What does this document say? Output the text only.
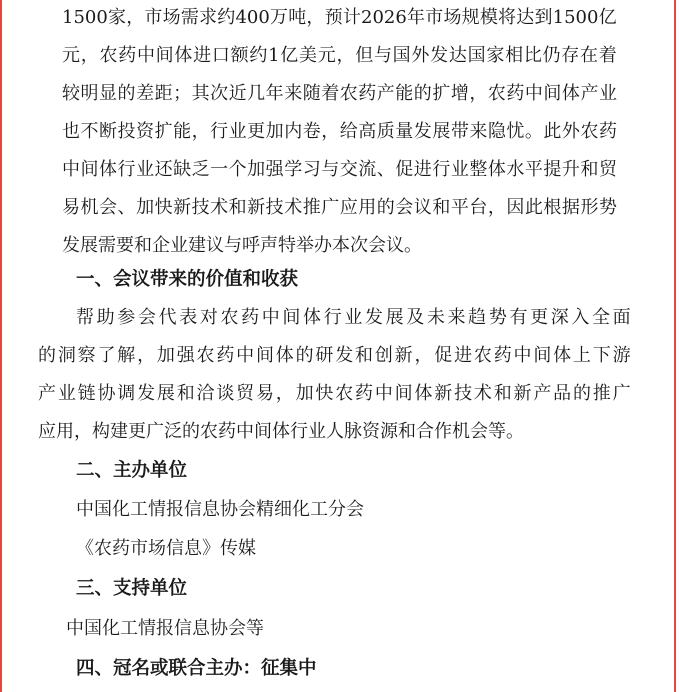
1500 家 ， 市 场 需 求 约 400 万 吨 ， 预 计 2026 年 市 场 规 模 将 达 到 1500 亿
元 ， 农 药 中 间 体 进 口 额 约 1 亿 美 元 ， 但 与 国 外 发 达 国 家 相 比 仍 存 在 着
较 明 显 的 差 距 ； 其 次 近 几 年 来 随 着 农 药 产 能 的 扩 增 ， 农 药 中 间 体 产 业
也 不 断 投 资 扩 能 ， 行 业 更 加 内 卷 ， 给 高 质 量 发 展 带 来 隐 忧 。 此 外 农 药
中 间 体 行 业 还 缺 乏 一 个 加 强 学 习 与 交 流 、 促 进 行 业 整 体 水 平 提 升 和 贸
易 机 会 、 加 快 新 技 术 和 新 技 术 推 广 应 用 的 会 议 和 平 台 ， 因 此 根 据 形 势
发展需要和企业建议与呼声特举办本次会议。
一、会议带来的价值和收获
帮 助 参 会 代 表 对 农 药 中 间 体 行 业 发 展 及 未 来 趋 势 有 更 深 入 全 面
的 洞 察 了 解 ， 加 强 农 药 中 间 体 的 研 发 和 创 新 ， 促 进 农 药 中 间 体 上 下 游
产 业 链 协 调 发 展 和 洽 谈 贸 易 ， 加 快 农 药 中 间 体 新 技 术 和 新 产 品 的 推 广
应用，构建更广泛的农药中间体行业人脉资源和合作机会等。
二、主办单位
中国化工情报信息协会精细化工分会
《农药市场信息》传媒
三、支持单位
中国化工情报信息协会等
四、冠名或联合主办：征集中
